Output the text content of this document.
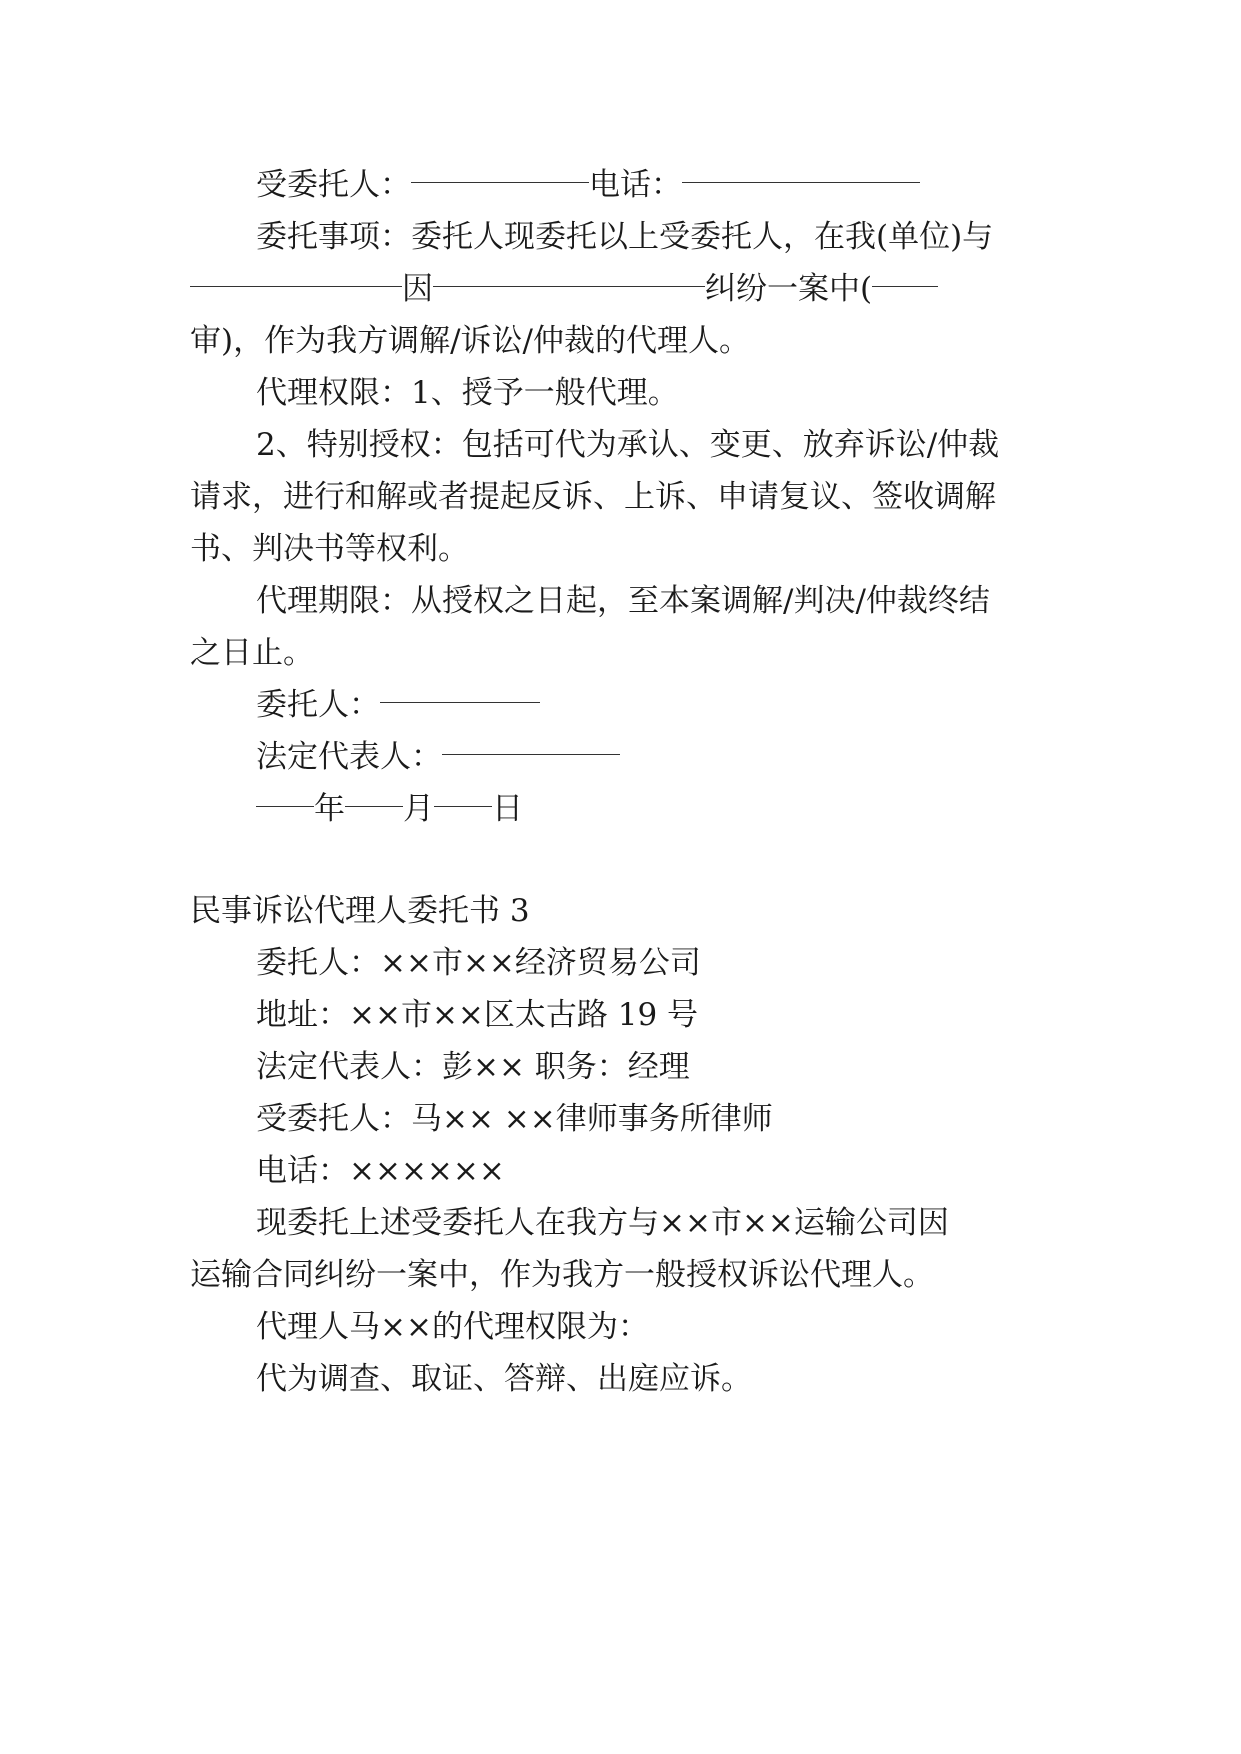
受委托人：	电话：
委托事项：委托人现委托以上受委托人，在我(单位)与
因	纠纷一案中(
审)，作为我方调解/诉讼/仲裁的代理人。
代理权限：1、授予一般代理。
2、特别授权：包括可代为承认、变更、放弃诉讼/仲裁
请求，进行和解或者提起反诉、上诉、申请复议、签收调解
书、判决书等权利。
代理期限：从授权之日起，至本案调解/判决/仲裁终结
之日止。
委托人：
法定代表人：
年 月 日
民事诉讼代理人委托书 3
委托人：××市××经济贸易公司
地址：××市××区太古路 19 号
法定代表人：彭×× 职务：经理
受委托人：马×× ××律师事务所律师
电话：××××××
现委托上述受委托人在我方与××市××运输公司因
运输合同纠纷一案中，作为我方一般授权诉讼代理人。
代理人马××的代理权限为：
代为调查、取证、答辩、出庭应诉。
